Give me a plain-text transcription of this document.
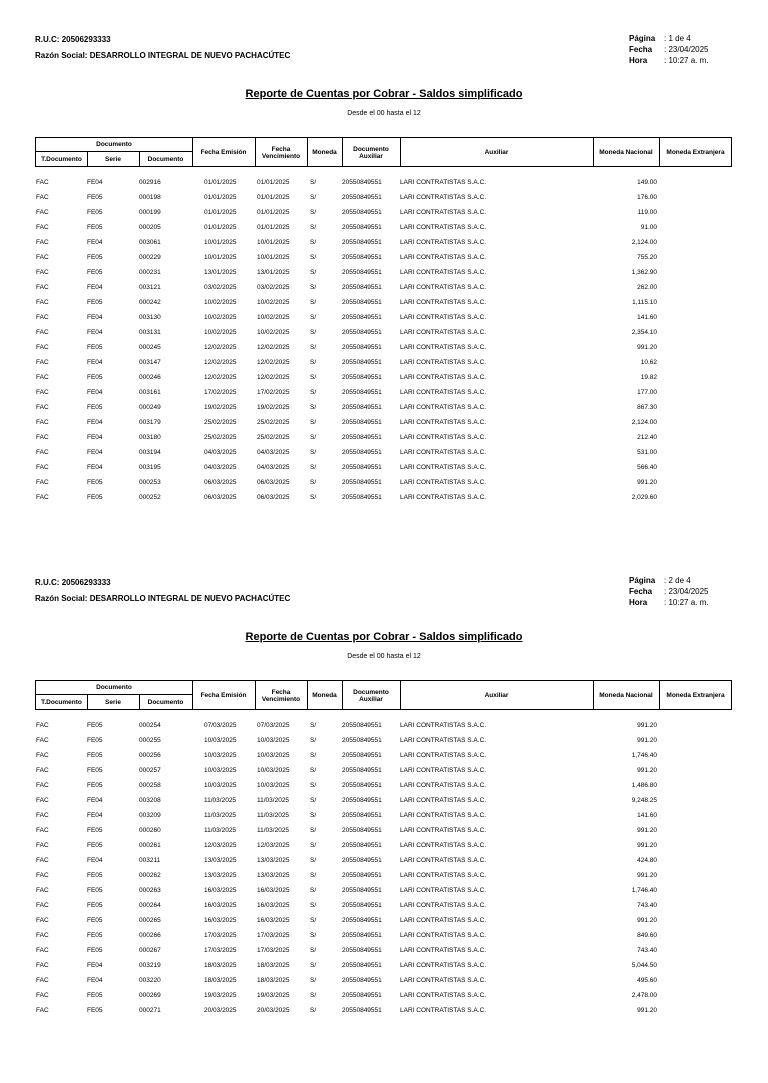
R.U.C: 20506293333
Razón Social: DESARROLLO INTEGRAL DE NUEVO PACHACÚTEC
Página : 1 de 4
Fecha : 23/04/2025
Hora : 10:27 a. m.
Reporte de Cuentas por Cobrar - Saldos simplificado
Desde el 00 hasta el 12
Documento
T.Documento	Serie	Documento
Fecha Emisión	Fecha Vencimiento	Moneda	Documento Auxiliar	Auxiliar	Moneda Nacional	Moneda Extranjera
FAC	FE04	002916	01/01/2025	01/01/2025	S/	20550849551	LARI CONTRATISTAS S.A.C.	149.00
FAC	FE05	000198	01/01/2025	01/01/2025	S/	20550849551	LARI CONTRATISTAS S.A.C.	176.00
FAC	FE05	000199	01/01/2025	01/01/2025	S/	20550849551	LARI CONTRATISTAS S.A.C.	119.00
FAC	FE05	000205	01/01/2025	01/01/2025	S/	20550849551	LARI CONTRATISTAS S.A.C.	91.00
FAC	FE04	003061	10/01/2025	10/01/2025	S/	20550849551	LARI CONTRATISTAS S.A.C.	2,124.00
FAC	FE05	000229	10/01/2025	10/01/2025	S/	20550849551	LARI CONTRATISTAS S.A.C.	755.20
FAC	FE05	000231	13/01/2025	13/01/2025	S/	20550849551	LARI CONTRATISTAS S.A.C.	1,362.90
FAC	FE04	003121	03/02/2025	03/02/2025	S/	20550849551	LARI CONTRATISTAS S.A.C.	262.00
FAC	FE05	000242	10/02/2025	10/02/2025	S/	20550849551	LARI CONTRATISTAS S.A.C.	1,115.10
FAC	FE04	003130	10/02/2025	10/02/2025	S/	20550849551	LARI CONTRATISTAS S.A.C.	141.60
FAC	FE04	003131	10/02/2025	10/02/2025	S/	20550849551	LARI CONTRATISTAS S.A.C.	2,354.10
FAC	FE05	000245	12/02/2025	12/02/2025	S/	20550849551	LARI CONTRATISTAS S.A.C.	991.20
FAC	FE04	003147	12/02/2025	12/02/2025	S/	20550849551	LARI CONTRATISTAS S.A.C.	10.62
FAC	FE05	000246	12/02/2025	12/02/2025	S/	20550849551	LARI CONTRATISTAS S.A.C.	19.82
FAC	FE04	003161	17/02/2025	17/02/2025	S/	20550849551	LARI CONTRATISTAS S.A.C.	177.00
FAC	FE05	000249	19/02/2025	19/02/2025	S/	20550849551	LARI CONTRATISTAS S.A.C.	867.30
FAC	FE04	003179	25/02/2025	25/02/2025	S/	20550849551	LARI CONTRATISTAS S.A.C.	2,124.00
FAC	FE04	003180	25/02/2025	25/02/2025	S/	20550849551	LARI CONTRATISTAS S.A.C.	212.40
FAC	FE04	003194	04/03/2025	04/03/2025	S/	20550849551	LARI CONTRATISTAS S.A.C.	531.00
FAC	FE04	003195	04/03/2025	04/03/2025	S/	20550849551	LARI CONTRATISTAS S.A.C.	566.40
FAC	FE05	000253	06/03/2025	06/03/2025	S/	20550849551	LARI CONTRATISTAS S.A.C.	991.20
FAC	FE05	000252	06/03/2025	06/03/2025	S/	20550849551	LARI CONTRATISTAS S.A.C.	2,029.60
R.U.C: 20506293333
Razón Social: DESARROLLO INTEGRAL DE NUEVO PACHACÚTEC
Página : 2 de 4
Fecha : 23/04/2025
Hora : 10:27 a. m.
Reporte de Cuentas por Cobrar - Saldos simplificado
Desde el 00 hasta el 12
Documento
T.Documento	Serie	Documento
Fecha Emisión	Fecha Vencimiento	Moneda	Documento Auxiliar	Auxiliar	Moneda Nacional	Moneda Extranjera
FAC	FE05	000254	07/03/2025	07/03/2025	S/	20550849551	LARI CONTRATISTAS S.A.C.	991.20
FAC	FE05	000255	10/03/2025	10/03/2025	S/	20550849551	LARI CONTRATISTAS S.A.C.	991.20
FAC	FE05	000256	10/03/2025	10/03/2025	S/	20550849551	LARI CONTRATISTAS S.A.C.	1,746.40
FAC	FE05	000257	10/03/2025	10/03/2025	S/	20550849551	LARI CONTRATISTAS S.A.C.	991.20
FAC	FE05	000258	10/03/2025	10/03/2025	S/	20550849551	LARI CONTRATISTAS S.A.C.	1,486.80
FAC	FE04	003208	11/03/2025	11/03/2025	S/	20550849551	LARI CONTRATISTAS S.A.C.	9,248.25
FAC	FE04	003209	11/03/2025	11/03/2025	S/	20550849551	LARI CONTRATISTAS S.A.C.	141.60
FAC	FE05	000260	11/03/2025	11/03/2025	S/	20550849551	LARI CONTRATISTAS S.A.C.	991.20
FAC	FE05	000261	12/03/2025	12/03/2025	S/	20550849551	LARI CONTRATISTAS S.A.C.	991.20
FAC	FE04	003211	13/03/2025	13/03/2025	S/	20550849551	LARI CONTRATISTAS S.A.C.	424.80
FAC	FE05	000262	13/03/2025	13/03/2025	S/	20550849551	LARI CONTRATISTAS S.A.C.	991.20
FAC	FE05	000263	16/03/2025	16/03/2025	S/	20550849551	LARI CONTRATISTAS S.A.C.	1,746.40
FAC	FE05	000264	16/03/2025	16/03/2025	S/	20550849551	LARI CONTRATISTAS S.A.C.	743.40
FAC	FE05	000265	16/03/2025	16/03/2025	S/	20550849551	LARI CONTRATISTAS S.A.C.	991.20
FAC	FE05	000266	17/03/2025	17/03/2025	S/	20550849551	LARI CONTRATISTAS S.A.C.	849.60
FAC	FE05	000267	17/03/2025	17/03/2025	S/	20550849551	LARI CONTRATISTAS S.A.C.	743.40
FAC	FE04	003219	18/03/2025	18/03/2025	S/	20550849551	LARI CONTRATISTAS S.A.C.	5,044.50
FAC	FE04	003220	18/03/2025	18/03/2025	S/	20550849551	LARI CONTRATISTAS S.A.C.	495.60
FAC	FE05	000269	19/03/2025	19/03/2025	S/	20550849551	LARI CONTRATISTAS S.A.C.	2,478.00
FAC	FE05	000271	20/03/2025	20/03/2025	S/	20550849551	LARI CONTRATISTAS S.A.C.	991.20
